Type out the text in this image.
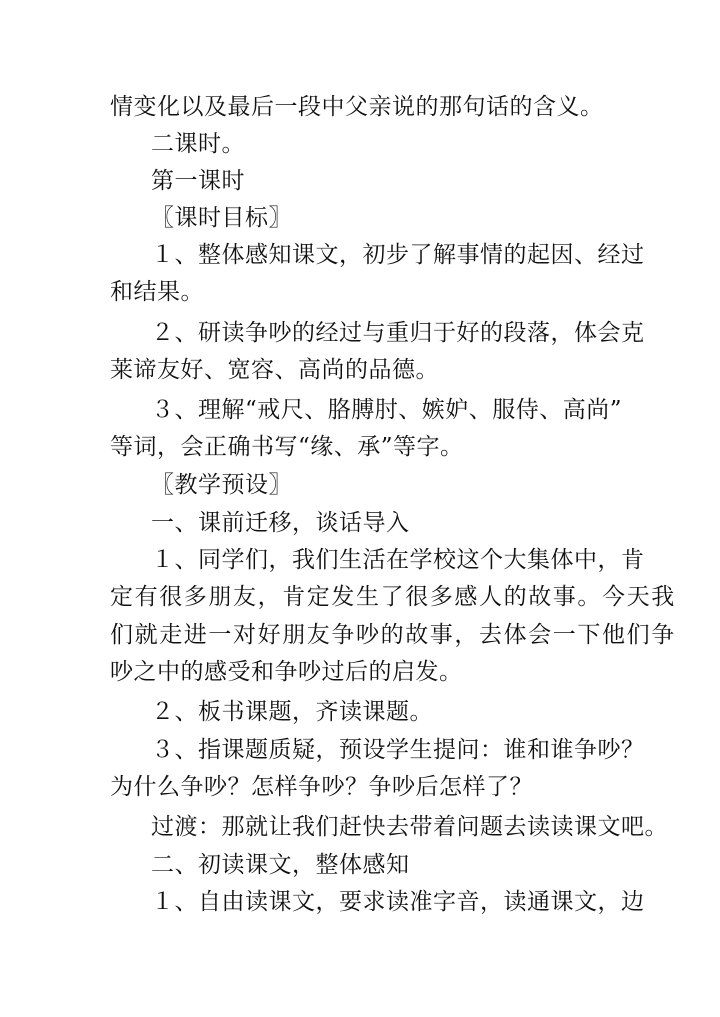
情变化以及最后一段中父亲说的那句话的含义。
二课时。
第一课时
〖课时目标〗
１、整体感知课文，初步了解事情的起因、经过
和结果。
２、研读争吵的经过与重归于好的段落，体会克
莱谛友好、宽容、高尚的品德。
３、理解“戒尺、胳膊肘、嫉妒、服侍、高尚”
等词，会正确书写“缘、承”等字。
〖教学预设〗
一、课前迁移，谈话导入
１、同学们，我们生活在学校这个大集体中，肯
定有很多朋友，肯定发生了很多感人的故事。今天我
们就走进一对好朋友争吵的故事，去体会一下他们争
吵之中的感受和争吵过后的启发。
２、板书课题，齐读课题。
３、指课题质疑，预设学生提问：谁和谁争吵？
为什么争吵？怎样争吵？争吵后怎样了？
过渡：那就让我们赶快去带着问题去读读课文吧。
二、初读课文，整体感知
１、自由读课文，要求读准字音，读通课文，边
